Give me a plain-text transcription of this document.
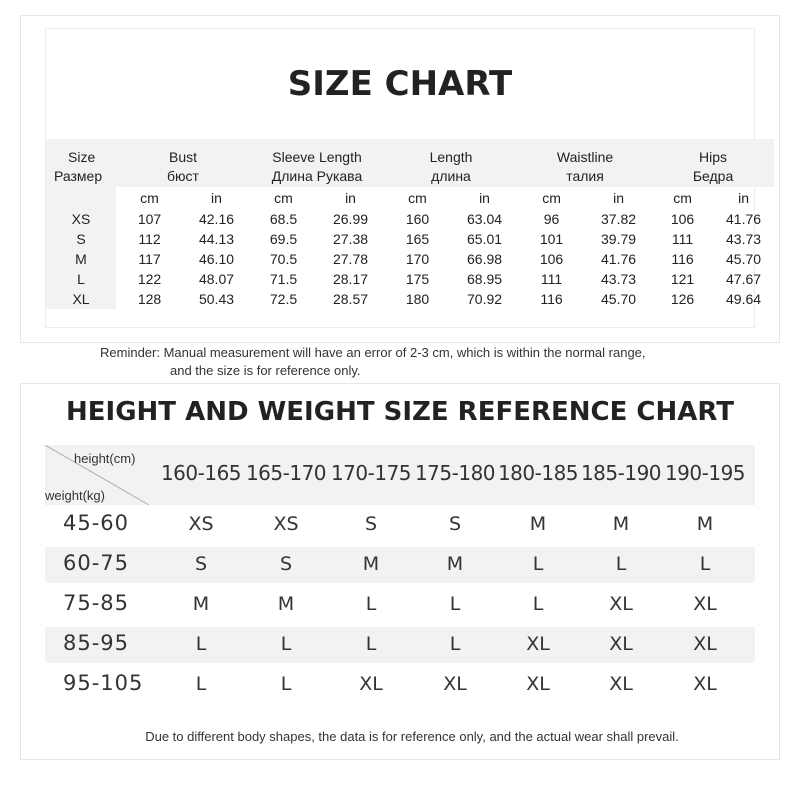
SIZE CHART
Size	Bust		Sleeve Length		Length		Waistline		Hips	
Размер	бюст		Длина Рукава		длина		талия		Бедра	
	cm	in	cm	in	cm	in	cm	in	cm	in
XS	107	42.16	68.5	26.99	160	63.04	96	37.82	106	41.76
S	112	44.13	69.5	27.38	165	65.01	101	39.79	111	43.73
M	117	46.10	70.5	27.78	170	66.98	106	41.76	116	45.70
L	122	48.07	71.5	28.17	175	68.95	111	43.73	121	47.67
XL	128	50.43	72.5	28.57	180	70.92	116	45.70	126	49.64
Reminder: Manual measurement will have an error of 2-3 cm, which is within the normal range,
and the size is for reference only.
HEIGHT AND WEIGHT SIZE REFERENCE CHART
height(cm)
weight(kg)
160-165 165-170 170-175 175-180 180-185 185-190 190-195
45-60	XS	XS	S	S	M	M	M
60-75	S	S	M	M	L	L	L
75-85	M	M	L	L	L	XL	XL
85-95	L	L	L	L	XL	XL	XL
95-105	L	L	XL	XL	XL	XL	XL
Due to different body shapes, the data is for reference only, and the actual wear shall prevail.
